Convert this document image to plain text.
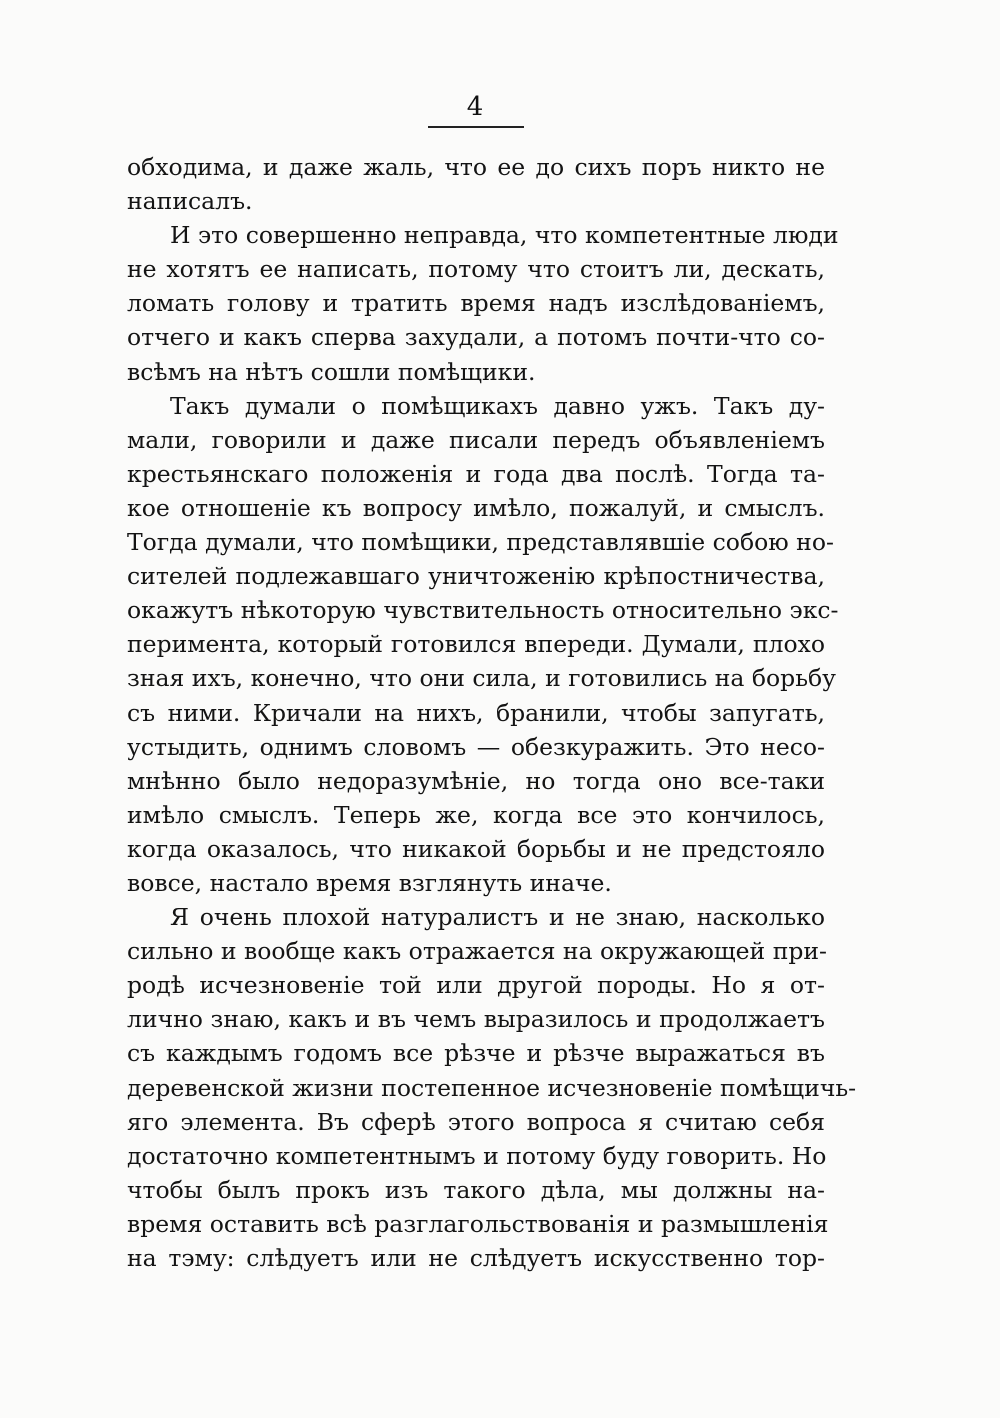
4
обходима, и даже жаль, что ее до сихъ поръ никто не
написалъ.
И это совершенно неправда, что компетентные люди
не хотятъ ее написать, потому что стоитъ ли, дескать,
ломать голову и тратить время надъ изслѣдованіемъ,
отчего и какъ сперва захудали, а потомъ почти-что со-
всѣмъ на нѣтъ сошли помѣщики.
Такъ думали о помѣщикахъ давно ужъ. Такъ ду-
мали, говорили и даже писали передъ объявленіемъ
крестьянскаго положенія и года два послѣ. Тогда та-
кое отношеніе къ вопросу имѣло, пожалуй, и смыслъ.
Тогда думали, что помѣщики, представлявшіе собою но-
сителей подлежавшаго уничтоженію крѣпостничества,
окажутъ нѣкоторую чувствительность относительно экс-
перимента, который готовился впереди. Думали, плохо
зная ихъ, конечно, что они сила, и готовились на борьбу
съ ними. Кричали на нихъ, бранили, чтобы запугать,
устыдить, однимъ словомъ — обезкуражить. Это несо-
мнѣнно было недоразумѣніе, но тогда оно все-таки
имѣло смыслъ. Теперь же, когда все это кончилось,
когда оказалось, что никакой борьбы и не предстояло
вовсе, настало время взглянуть иначе.
Я очень плохой натуралистъ и не знаю, насколько
сильно и вообще какъ отражается на окружающей при-
родѣ исчезновеніе той или другой породы. Но я от-
лично знаю, какъ и въ чемъ выразилось и продолжаетъ
съ каждымъ годомъ все рѣзче и рѣзче выражаться въ
деревенской жизни постепенное исчезновеніе помѣщичь-
яго элемента. Въ сферѣ этого вопроса я считаю себя
достаточно компетентнымъ и потому буду говорить. Но
чтобы былъ прокъ изъ такого дѣла, мы должны на-
время оставить всѣ разглагольствованія и размышленія
на тэму: слѣдуетъ или не слѣдуетъ искусственно тор-
